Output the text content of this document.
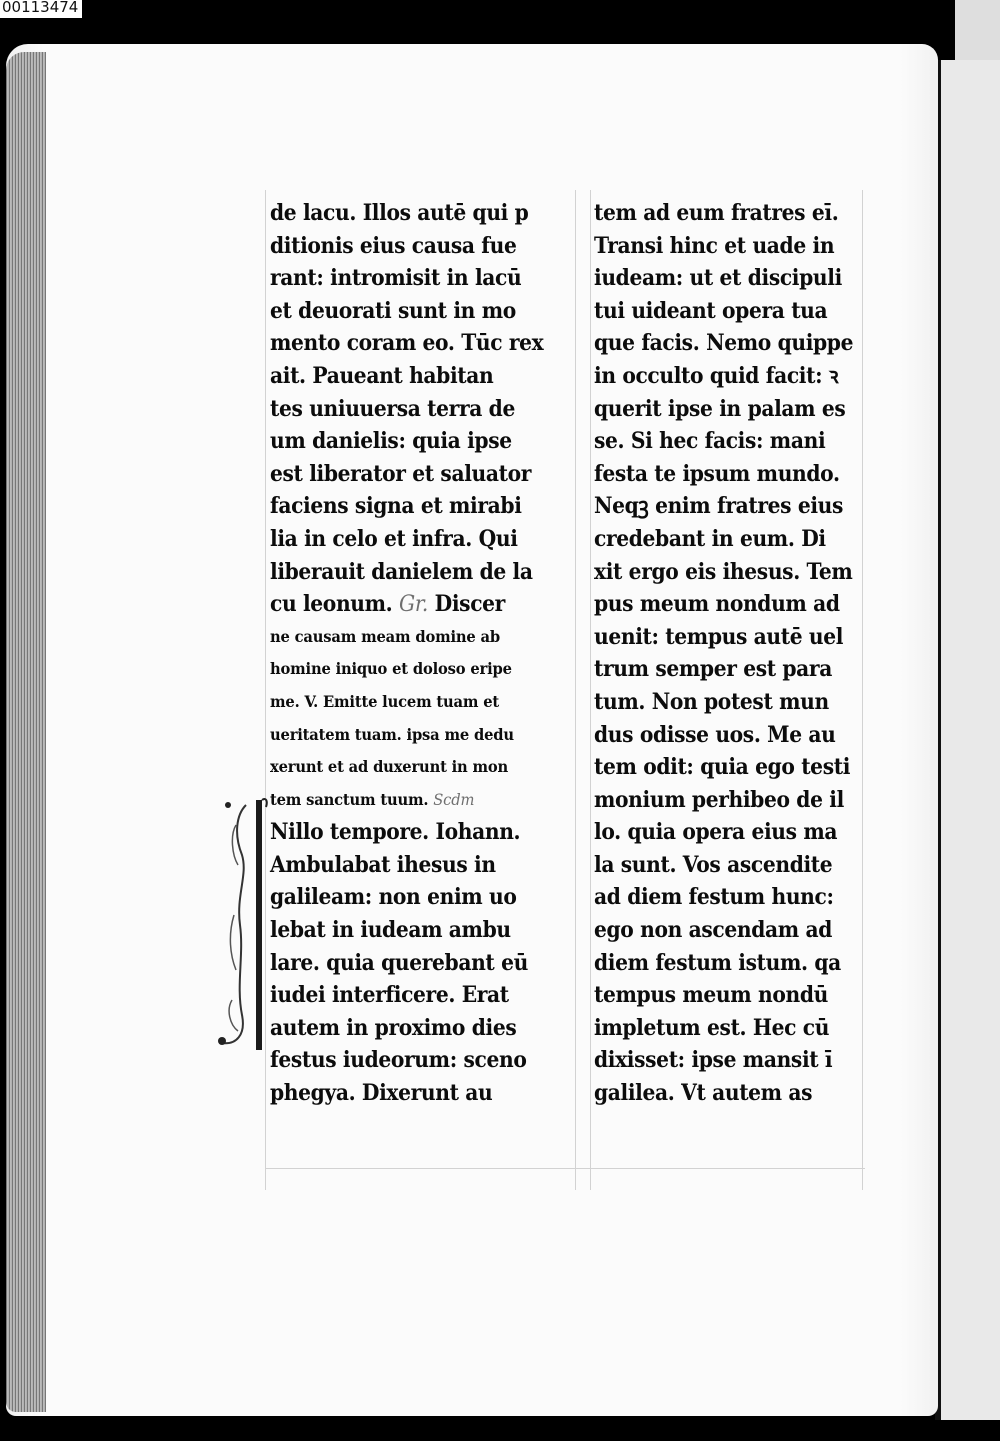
00113474
de lacu. Illos autē qui p
ditionis eius causa fue
rant: intromisit in lacū
et deuorati sunt in mo
mento coram eo. Tūc rex
ait. Paueant habitan
tes uniuuersa terra de
um danielis: quia ipse
est liberator et saluator
faciens signa et mirabi
lia in celo et infra. Qui
liberauit danielem de la
cu leonum. Gr. Discer
ne causam meam domine ab
homine iniquo et doloso eripe
me. V. Emitte lucem tuam et
ueritatem tuam. ipsa me dedu
xerunt et ad duxerunt in mon
tem sanctum tuum. Scdm
Nillo tempore. Iohann.
Ambulabat ihesus in
galileam: non enim uo
lebat in iudeam ambu
lare. quia querebant eū
iudei interficere. Erat
autem in proximo dies
festus iudeorum: sceno
phegya. Dixerunt au
tem ad eum fratres eī.
Transi hinc et uade in
iudeam: ut et discipuli
tui uideant opera tua
que facis. Nemo quippe
in occulto quid facit: ꝛ
querit ipse in palam es
se. Si hec facis: mani
festa te ipsum mundo.
Neqꝫ enim fratres eius
credebant in eum. Di
xit ergo eis ihesus. Tem
pus meum nondum ad
uenit: tempus autē uel
trum semper est para
tum. Non potest mun
dus odisse uos. Me au
tem odit: quia ego testi
monium perhibeo de il
lo. quia opera eius ma
la sunt. Vos ascendite
ad diem festum hunc:
ego non ascendam ad
diem festum istum. qa
tempus meum nondū
impletum est. Hec cū
dixisset: ipse mansit ī
galilea. Vt autem as
